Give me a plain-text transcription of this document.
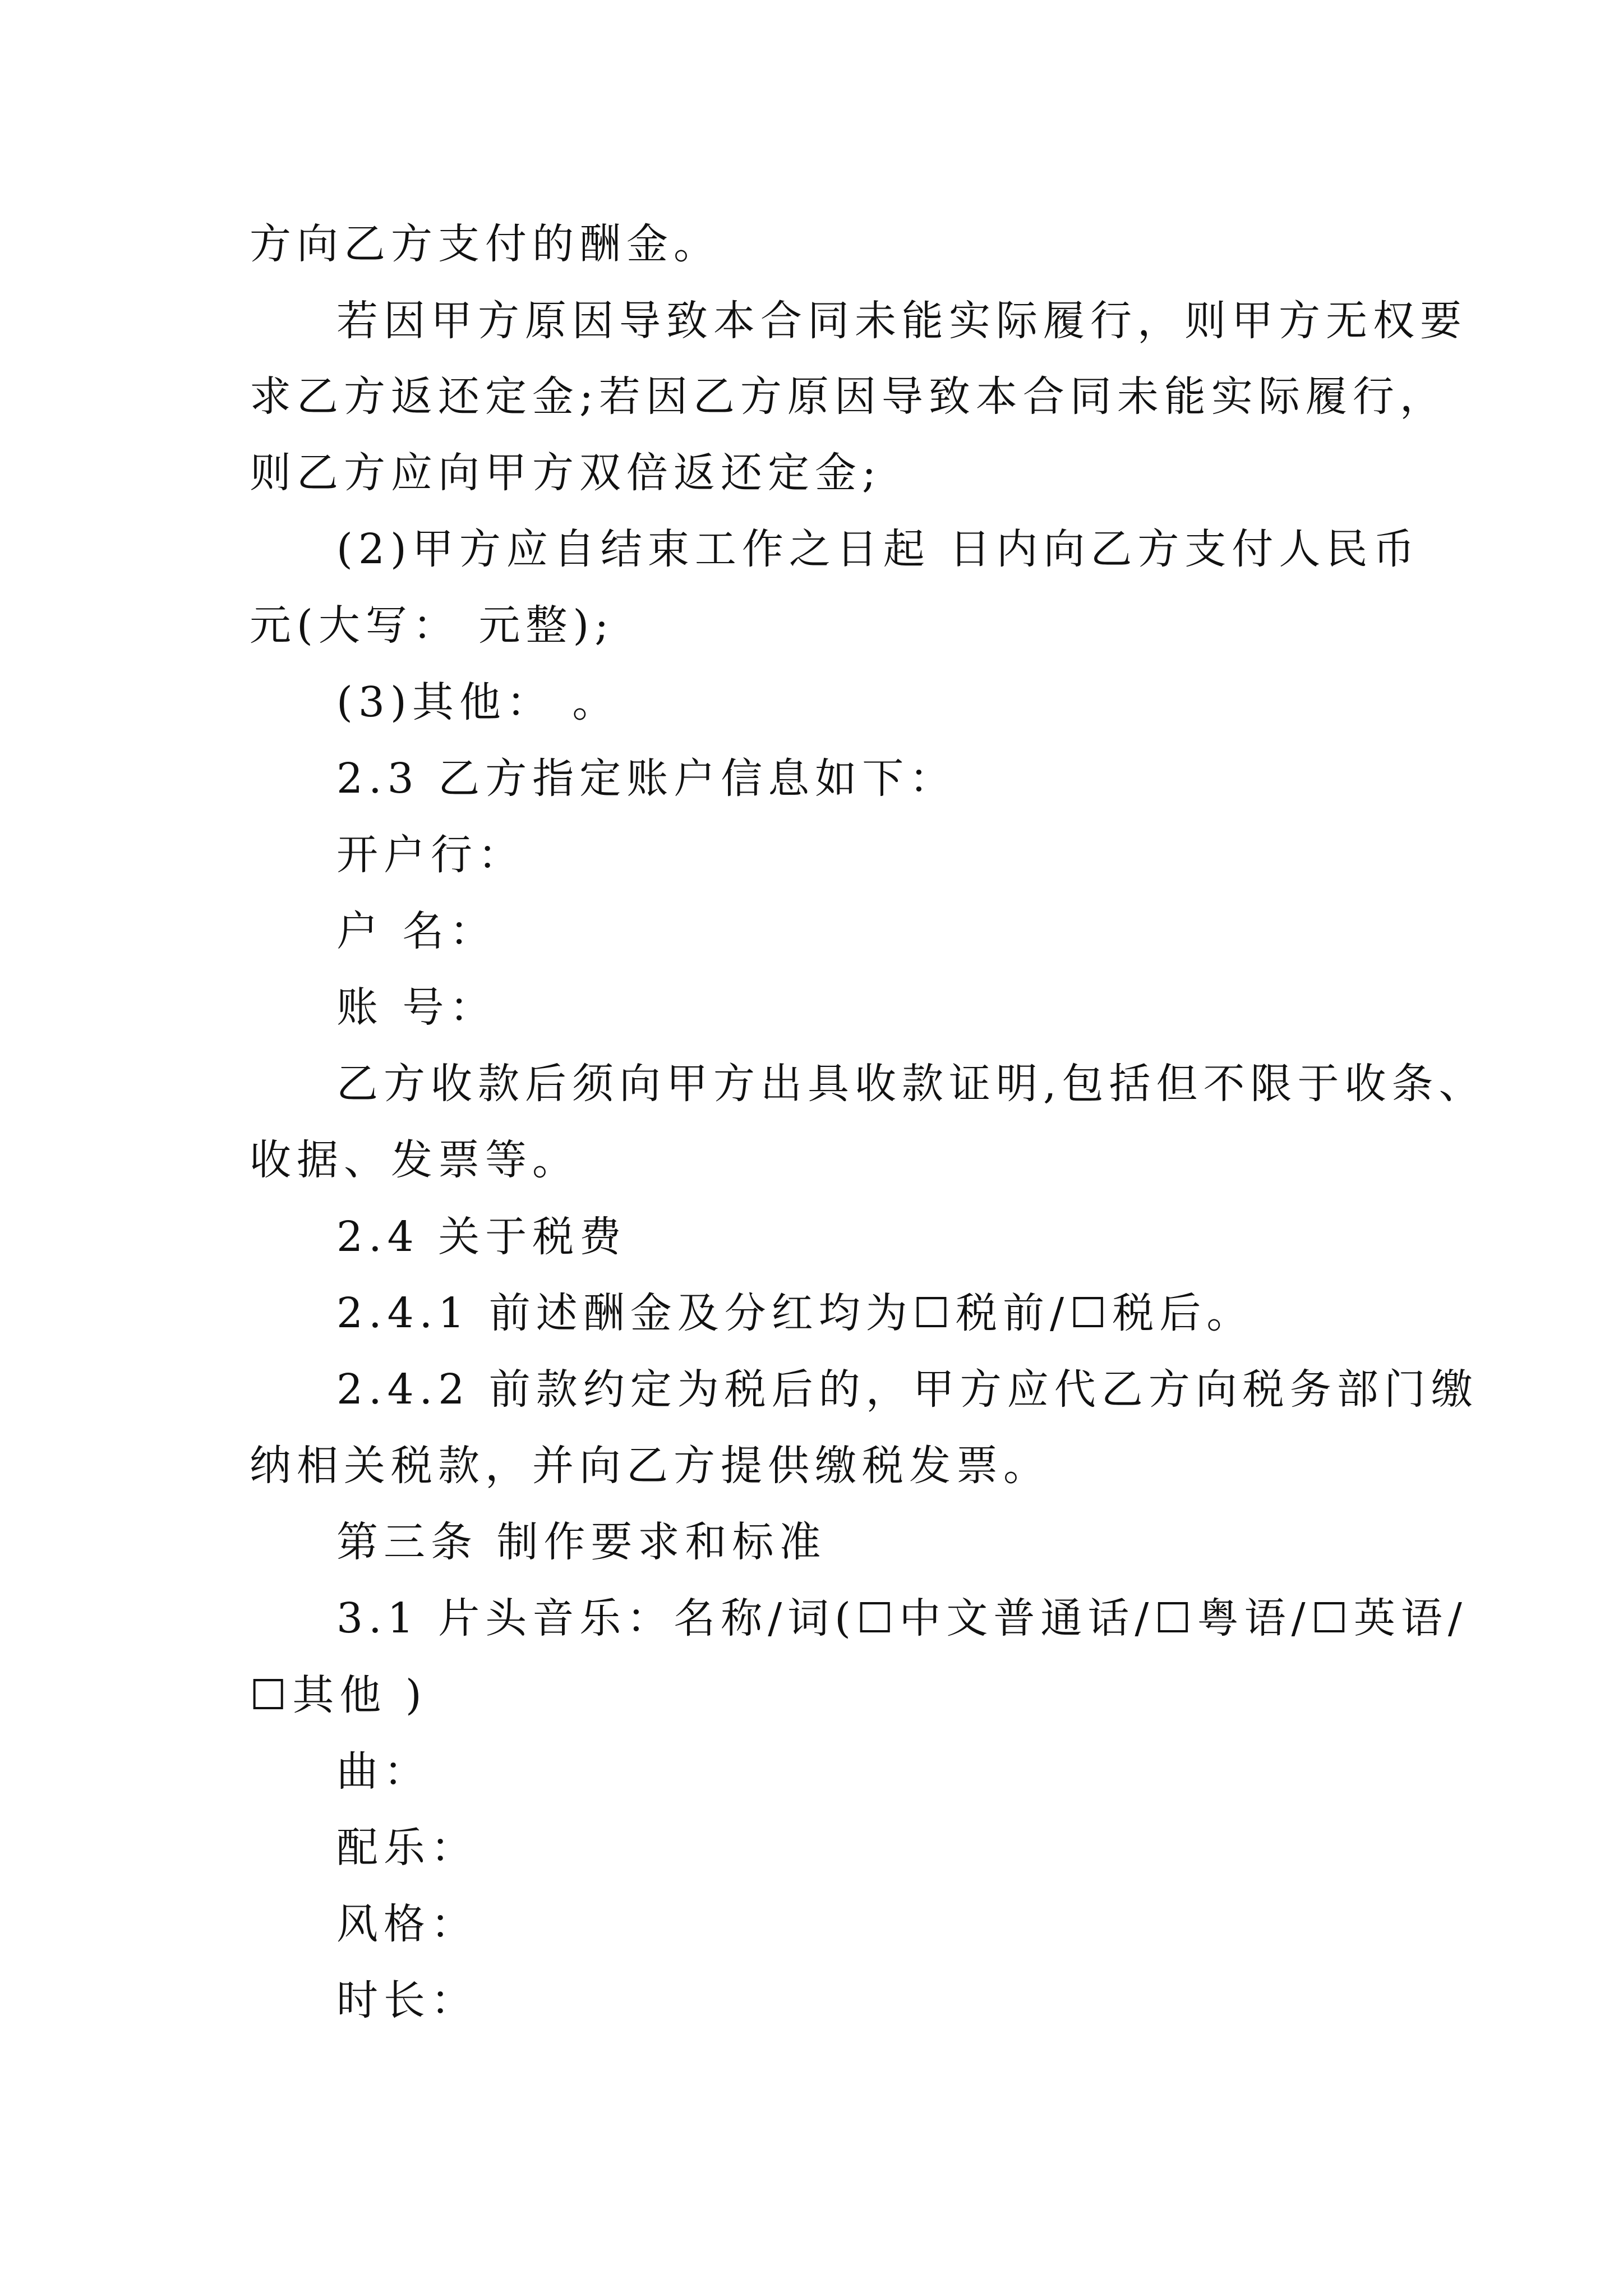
方向乙方支付的酬金。
若因甲方原因导致本合同未能实际履行，则甲方无权要
求乙方返还定金;若因乙方原因导致本合同未能实际履行，
则乙方应向甲方双倍返还定金;
(2)甲方应自结束工作之日起 日内向乙方支付人民币
元(大写： 元整);
(3)其他： 。
2.3 乙方指定账户信息如下：
开户行：
户 名：
账 号：
乙方收款后须向甲方出具收款证明,包括但不限于收条、
收据、发票等。
2.4 关于税费
2.4.1 前述酬金及分红均为☐税前/☐税后。
2.4.2 前款约定为税后的，甲方应代乙方向税务部门缴
纳相关税款，并向乙方提供缴税发票。
第三条 制作要求和标准
3.1 片头音乐：名称/词(☐中文普通话/☐粤语/☐英语/
☐其他 )
曲：
配乐：
风格：
时长：
